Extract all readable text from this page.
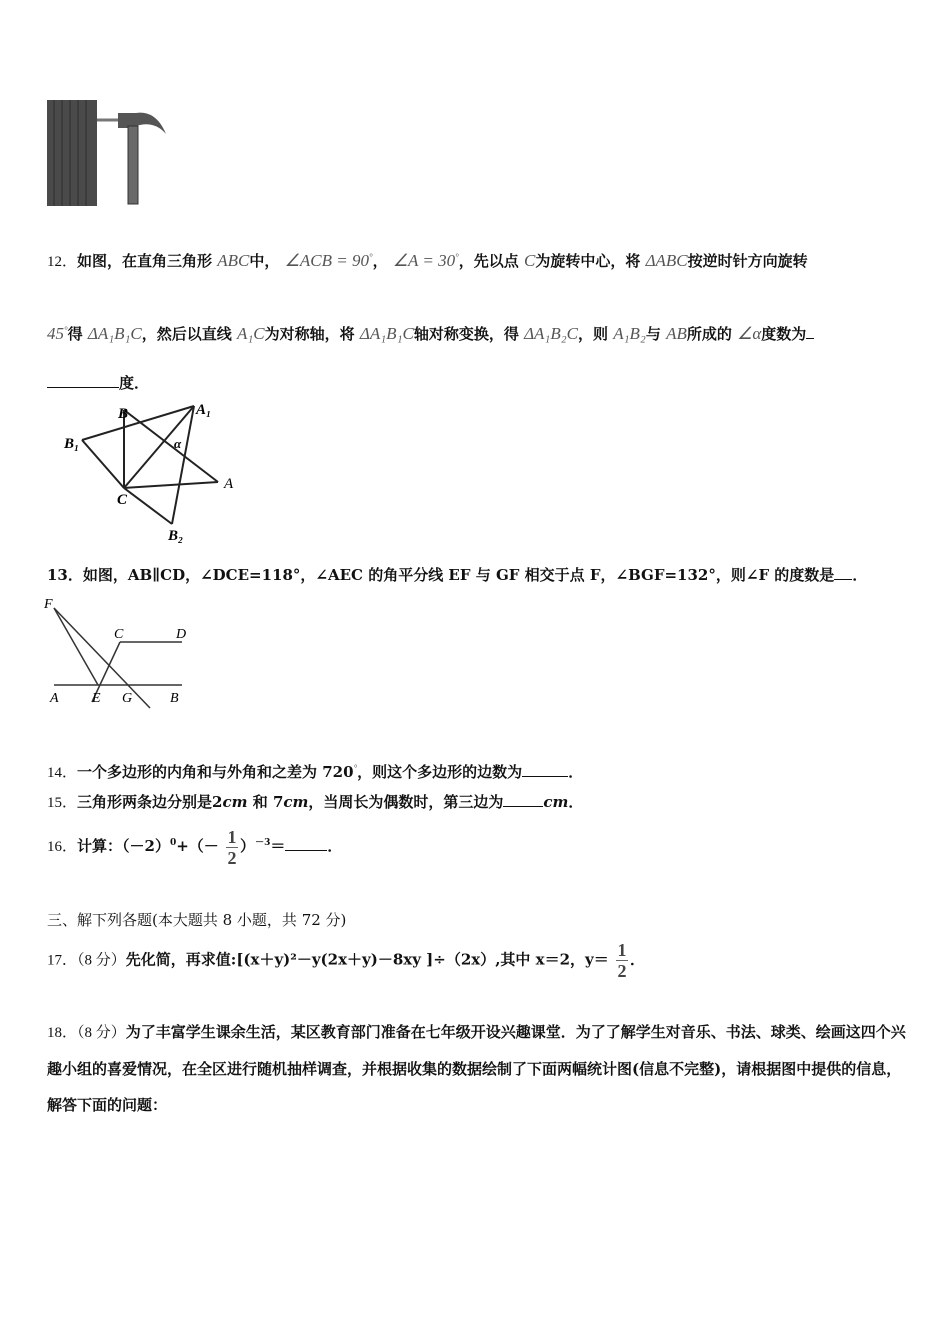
12．如图，在直角三角形 ABC中， ∠ACB = 90°， ∠A = 30°，先以点 C为旋转中心，将 ΔABC按逆时针方向旋转
45°得 ΔA₁B₁C，然后以直线 A₁C为对称轴，将 ΔA₁B₁C轴对称变换，得 ΔA₁B₂C，则 A₁B₂与 AB所成的 ∠α度数为
度．
B	A₁
B₁	α
C
A
B₂
13．如图，AB∥CD，∠DCE=118°，∠AEC 的角平分线 EF 与 GF 相交于点 F，∠BGF=132°，则∠F 的度数是 ．
F
C	D
A E G	B
14．一个多边形的内角和与外角和之差为 720°，则这个多边形的边数为	．
15．三角形两条边分别是2cm 和 7cm，当周长为偶数时，第三边为	cm．
16．计算：$(-2)^0+(- \frac{1}{2} )^{-3}=$	．
三、解下列各题(本大题共 8 小题，共 72 分)
17．（8 分）先化简，再求值:[(x＋y)²－y(2x＋y)－8xy ]÷（2x）,其中 x＝2，$y= \frac{1}{2}$ ．
18．（8 分）为了丰富学生课余生活，某区教育部门准备在七年级开设兴趣课堂．为了了解学生对音乐、书法、球类、绘画这四个兴趣小组的喜爱情况，在全区进行随机抽样调查，并根据收集的数据绘制了下面两幅统计图(信息不完整)，请根据图中提供的信息，解答下面的问题：
